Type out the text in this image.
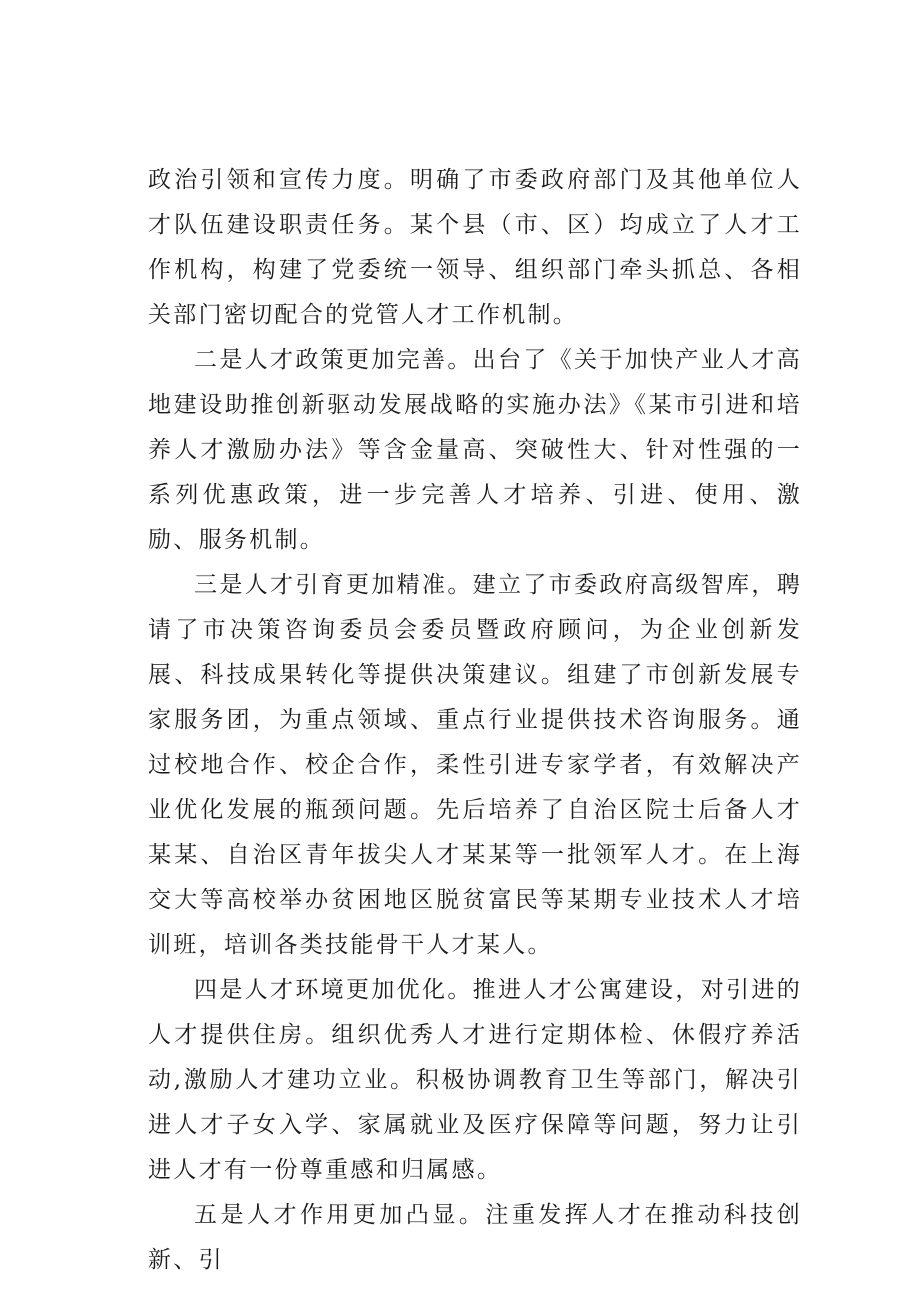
政治引领和宣传力度。明确了市委政府部门及其他单位人才队伍建设职责任务。某个县（市、区）均成立了人才工作机构，构建了党委统一领导、组织部门牵头抓总、各相关部门密切配合的党管人才工作机制。

二是人才政策更加完善。出台了《关于加快产业人才高地建设助推创新驱动发展战略的实施办法》《某市引进和培养人才激励办法》等含金量高、突破性大、针对性强的一系列优惠政策，进一步完善人才培养、引进、使用、激励、服务机制。

三是人才引育更加精准。建立了市委政府高级智库，聘请了市决策咨询委员会委员暨政府顾问，为企业创新发展、科技成果转化等提供决策建议。组建了市创新发展专家服务团，为重点领域、重点行业提供技术咨询服务。通过校地合作、校企合作，柔性引进专家学者，有效解决产业优化发展的瓶颈问题。先后培养了自治区院士后备人才某某、自治区青年拔尖人才某某等一批领军人才。在上海交大等高校举办贫困地区脱贫富民等某期专业技术人才培训班，培训各类技能骨干人才某人。

四是人才环境更加优化。推进人才公寓建设，对引进的人才提供住房。组织优秀人才进行定期体检、休假疗养活动,激励人才建功立业。积极协调教育卫生等部门，解决引进人才子女入学、家属就业及医疗保障等问题，努力让引进人才有一份尊重感和归属感。

五是人才作用更加凸显。注重发挥人才在推动科技创新、引
